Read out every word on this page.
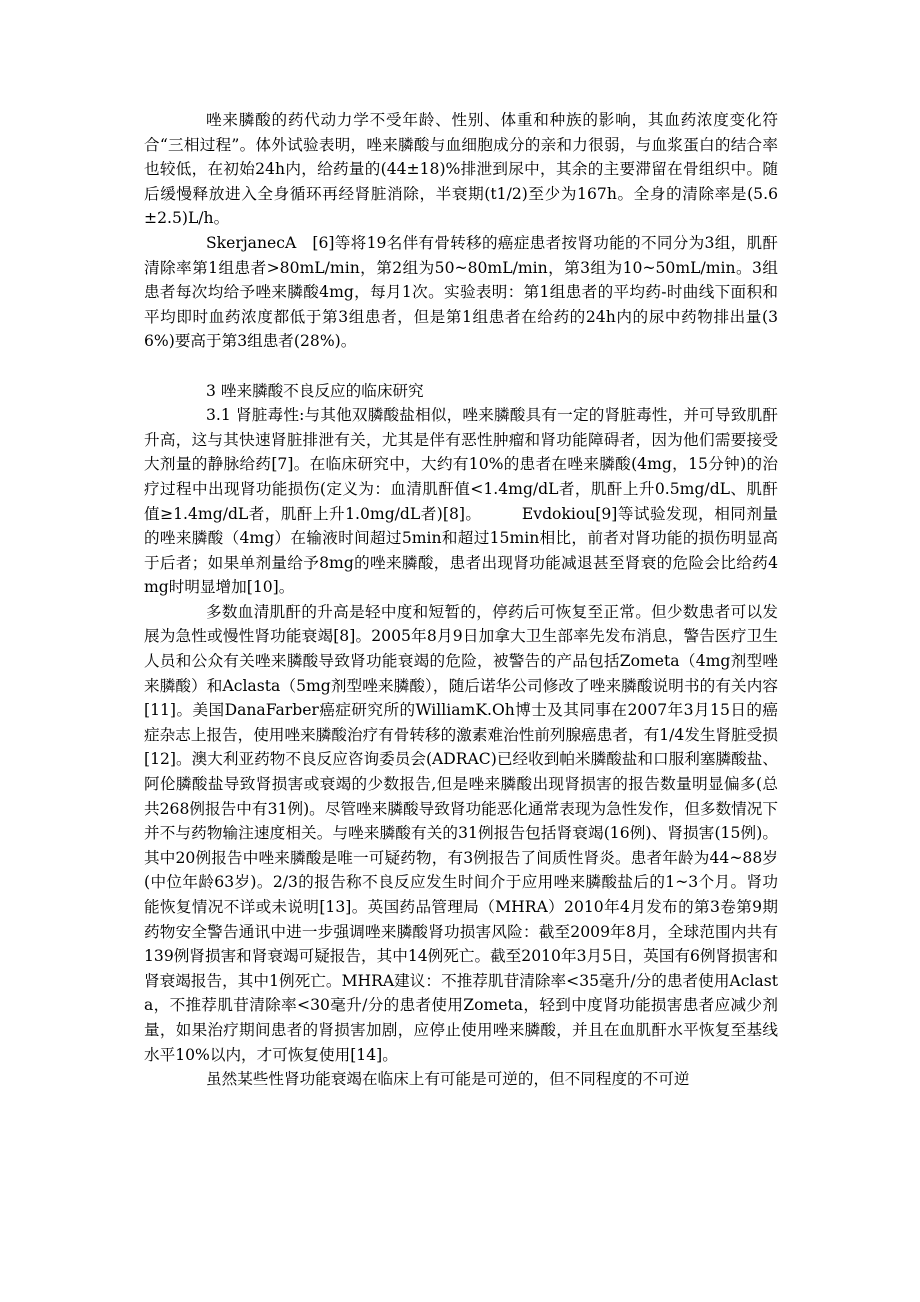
唑来膦酸的药代动力学不受年龄、性别、体重和种族的影响，其血药浓度变化符合“三相过程”。体外试验表明，唑来膦酸与血细胞成分的亲和力很弱，与血浆蛋白的结合率也较低，在初始24h内，给药量的(44±18)%排泄到尿中，其余的主要滞留在骨组织中。随后缓慢释放进入全身循环再经肾脏消除，半衰期(t1/2)至少为167h。全身的清除率是(5.6±2.5)L/h。

SkerjanecA　[6]等将19名伴有骨转移的癌症患者按肾功能的不同分为3组，肌酐清除率第1组患者>80mL/min，第2组为50~80mL/min，第3组为10~50mL/min。3组患者每次均给予唑来膦酸4mg，每月1次。实验表明：第1组患者的平均药-时曲线下面积和平均即时血药浓度都低于第3组患者，但是第1组患者在给药的24h内的尿中药物排出量(36%)要高于第3组患者(28%)。

3 唑来膦酸不良反应的临床研究

3.1 肾脏毒性:与其他双膦酸盐相似，唑来膦酸具有一定的肾脏毒性，并可导致肌酐升高，这与其快速肾脏排泄有关，尤其是伴有恶性肿瘤和肾功能障碍者，因为他们需要接受大剂量的静脉给药[7]。在临床研究中，大约有10%的患者在唑来膦酸(4mg，15分钟)的治疗过程中出现肾功能损伤(定义为：血清肌酐值<1.4mg/dL者，肌酐上升0.5mg/dL、肌酐值≥1.4mg/dL者，肌酐上升1.0mg/dL者)[8]。　　　Evdokiou[9]等试验发现，相同剂量的唑来膦酸（4mg）在输液时间超过5min和超过15min相比，前者对肾功能的损伤明显高于后者；如果单剂量给予8mg的唑来膦酸，患者出现肾功能减退甚至肾衰的危险会比给药4mg时明显增加[10]。

多数血清肌酐的升高是轻中度和短暂的，停药后可恢复至正常。但少数患者可以发展为急性或慢性肾功能衰竭[8]。2005年8月9日加拿大卫生部率先发布消息，警告医疗卫生人员和公众有关唑来膦酸导致肾功能衰竭的危险，被警告的产品包括Zometa（4mg剂型唑来膦酸）和Aclasta（5mg剂型唑来膦酸），随后诺华公司修改了唑来膦酸说明书的有关内容[11]。美国DanaFarber癌症研究所的WilliamK.Oh博士及其同事在2007年3月15日的癌症杂志上报告，使用唑来膦酸治疗有骨转移的激素难治性前列腺癌患者，有1/4发生肾脏受损[12]。澳大利亚药物不良反应咨询委员会(ADRAC)已经收到帕米膦酸盐和口服利塞膦酸盐、阿伦膦酸盐导致肾损害或衰竭的少数报告,但是唑来膦酸出现肾损害的报告数量明显偏多(总共268例报告中有31例)。尽管唑来膦酸导致肾功能恶化通常表现为急性发作，但多数情况下并不与药物输注速度相关。与唑来膦酸有关的31例报告包括肾衰竭(16例)、肾损害(15例)。其中20例报告中唑来膦酸是唯一可疑药物，有3例报告了间质性肾炎。患者年龄为44~88岁(中位年龄63岁)。2/3的报告称不良反应发生时间介于应用唑来膦酸盐后的1~3个月。肾功能恢复情况不详或未说明[13]。英国药品管理局（MHRA）2010年4月发布的第3卷第9期药物安全警告通讯中进一步强调唑来膦酸肾功损害风险：截至2009年8月，全球范围内共有139例肾损害和肾衰竭可疑报告，其中14例死亡。截至2010年3月5日，英国有6例肾损害和肾衰竭报告，其中1例死亡。MHRA建议：不推荐肌苷清除率<35毫升/分的患者使用Aclasta，不推荐肌苷清除率<30毫升/分的患者使用Zometa，轻到中度肾功能损害患者应减少剂量，如果治疗期间患者的肾损害加剧，应停止使用唑来膦酸，并且在血肌酐水平恢复至基线水平10%以内，才可恢复使用[14]。

虽然某些性肾功能衰竭在临床上有可能是可逆的，但不同程度的不可逆
